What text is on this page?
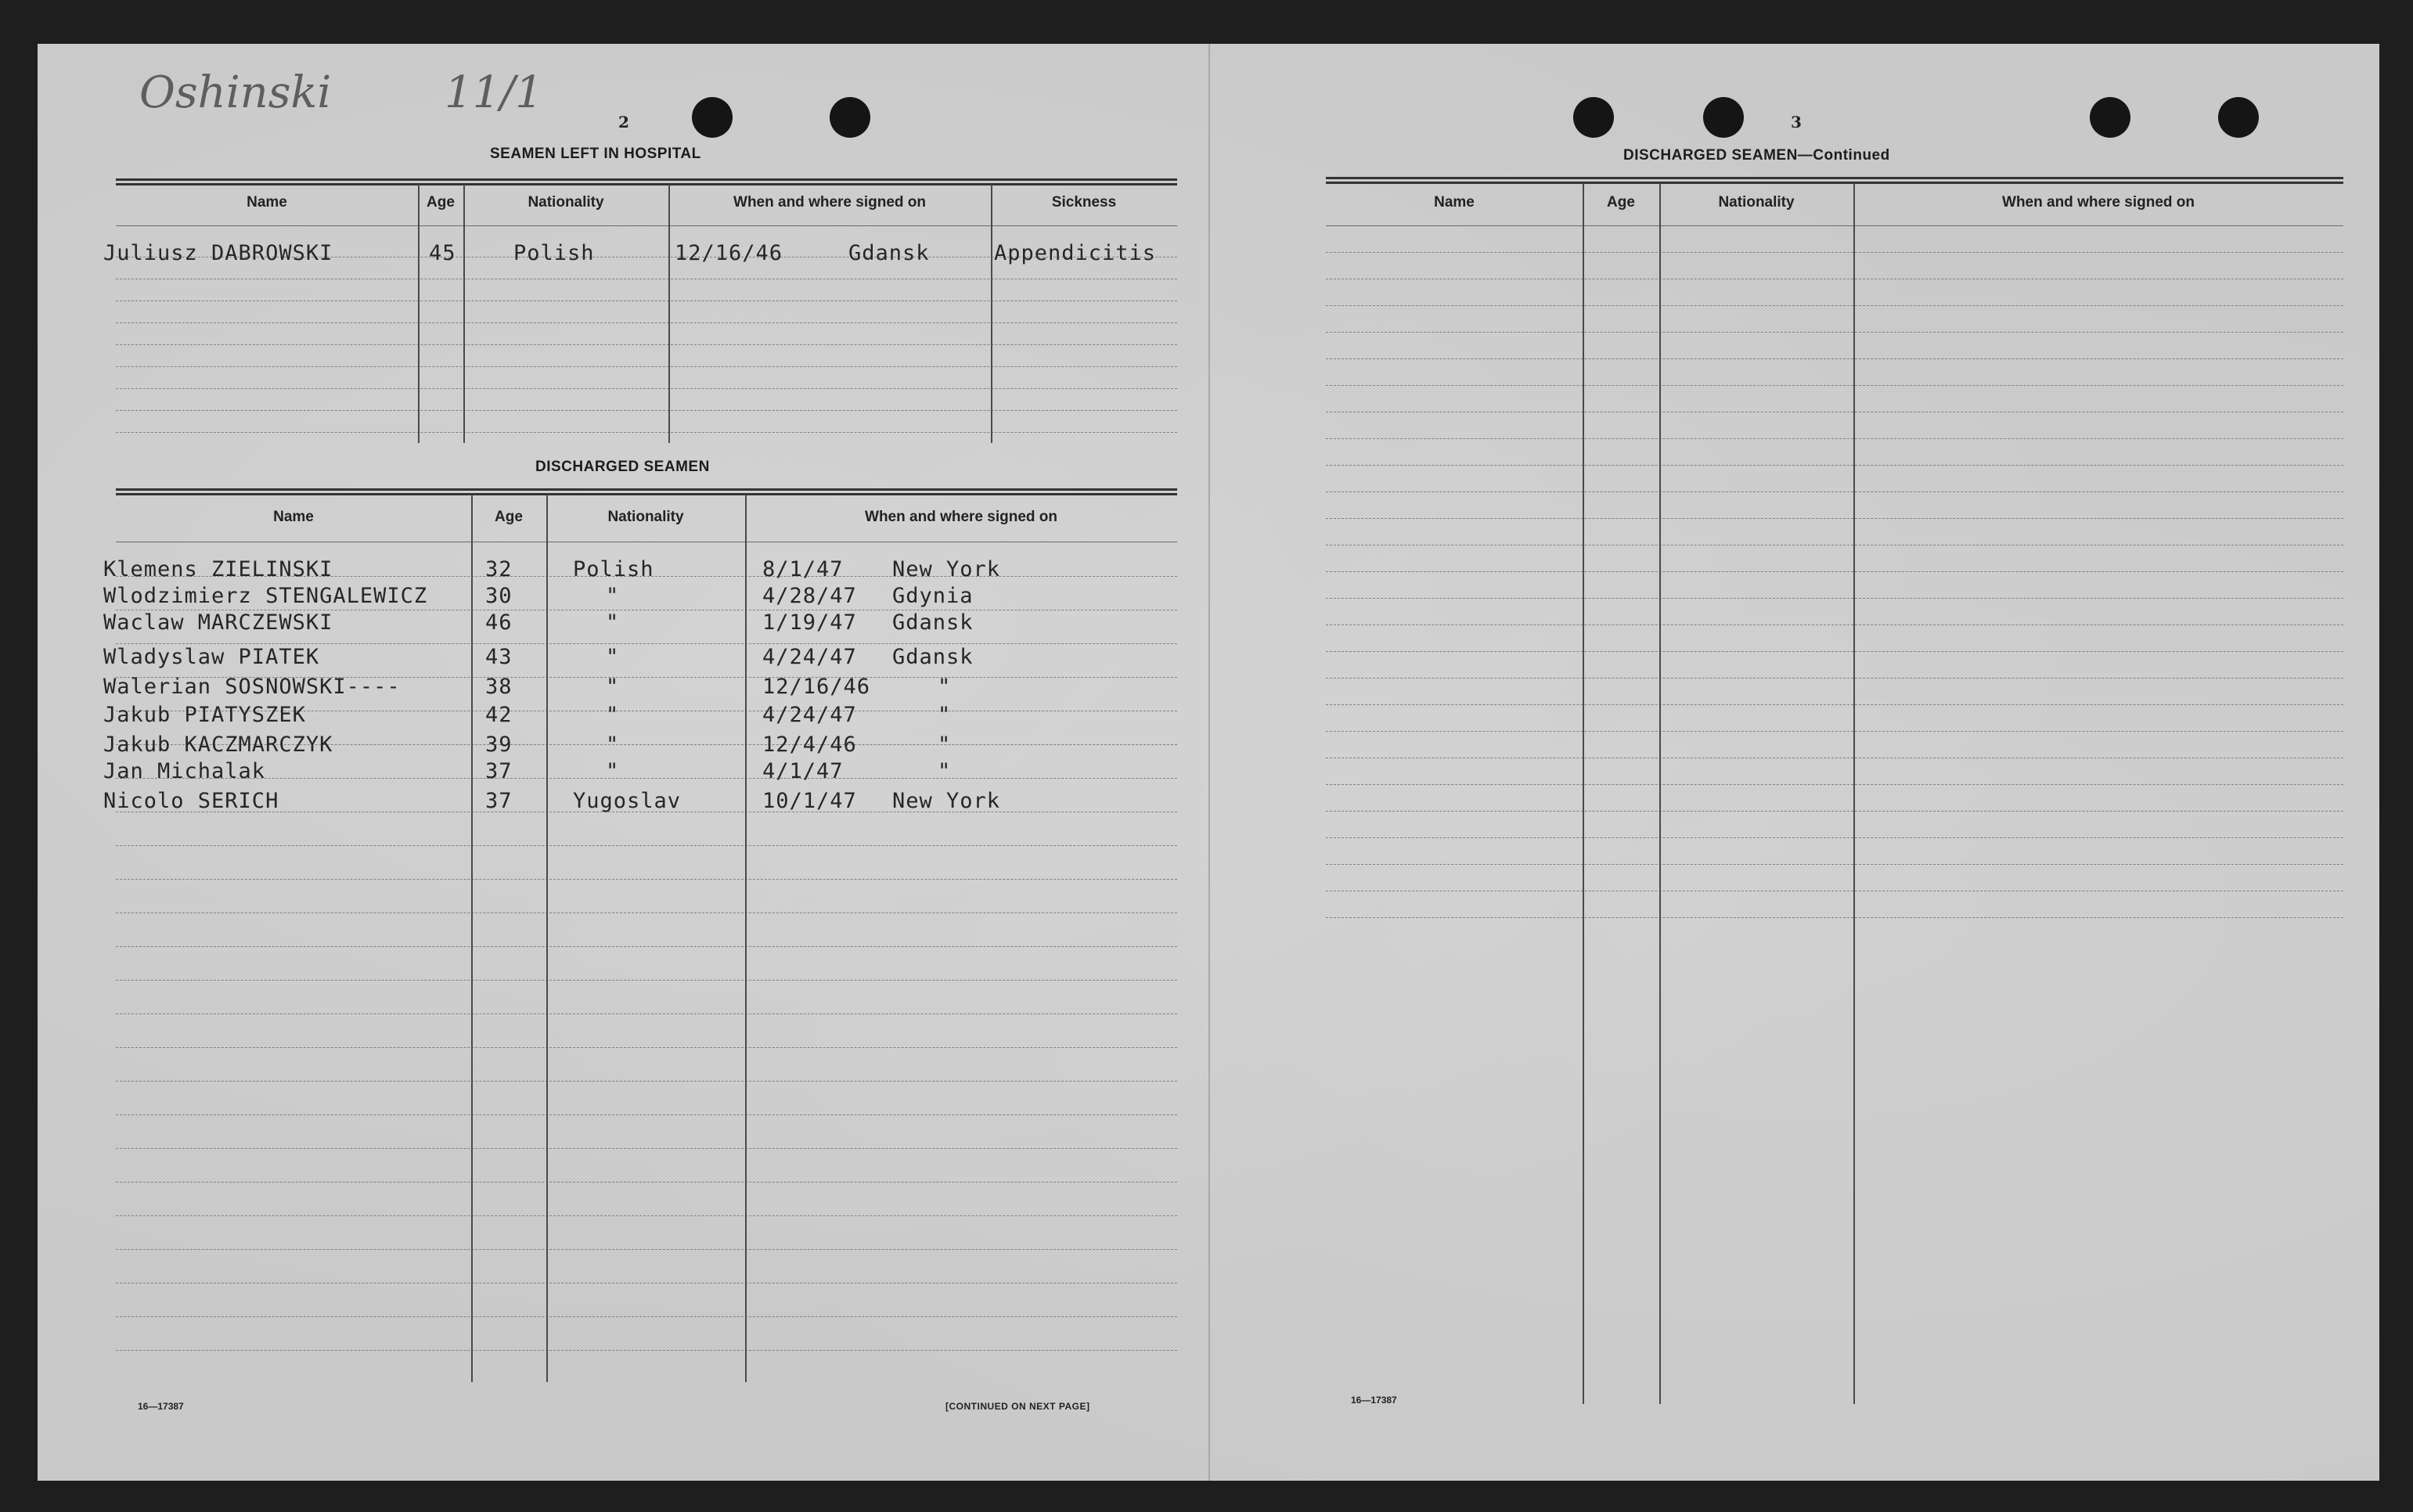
Oshinski	11/1
2
SEAMEN LEFT IN HOSPITAL
Name	Age	Nationality	When and where signed on	Sickness
Juliusz DABROWSKI	45	Polish	12/16/46	Gdansk	Appendicitis
DISCHARGED SEAMEN
Name	Age	Nationality	When and where signed on
Klemens ZIELINSKI	32	Polish	8/1/47 New York
Wlodzimierz STENGALEWICZ	30	"	4/28/47 Gdynia
Waclaw MARCZEWSKI	46	"	1/19/47 Gdansk
Wladyslaw PIATEK	43	"	4/24/47 Gdansk
Walerian SOSNOWSKI----	38	"	12/16/46	"
Jakub PIATYSZEK	42	"	4/24/47	"
Jakub KACZMARCZYK	39	"	12/4/46	"
Jan Michalak	37	"	4/1/47	"
Nicolo SERICH	37	Yugoslav	10/1/47 New York
16—17387	[CONTINUED ON NEXT PAGE]
3
DISCHARGED SEAMEN—Continued
Name	Age	Nationality	When and where signed on
16—17387
